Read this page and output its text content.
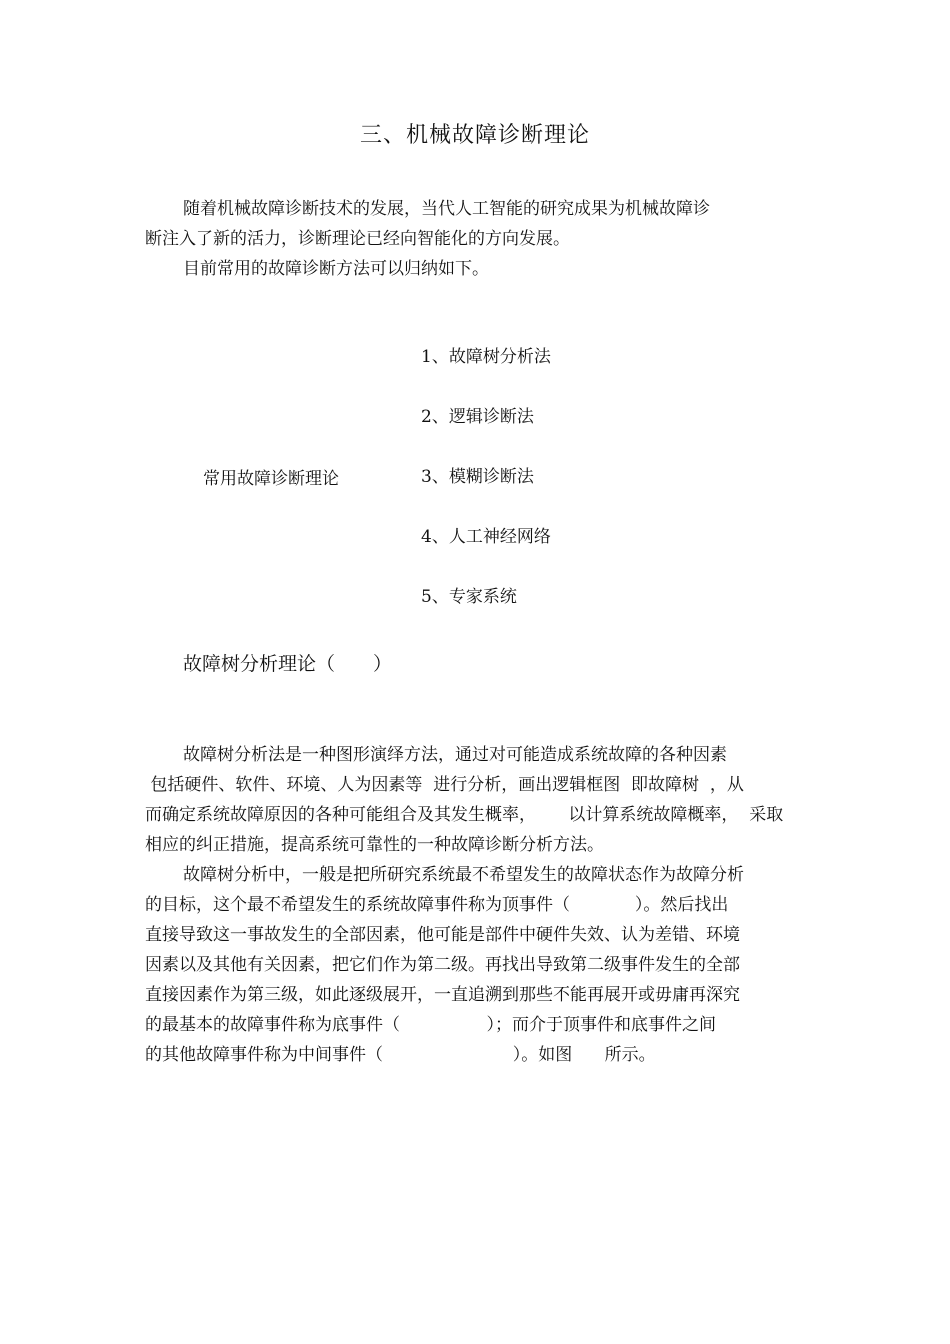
三、机械故障诊断理论
随着机械故障诊断技术的发展，当代人工智能的研究成果为机械故障诊
断注入了新的活力，诊断理论已经向智能化的方向发展。
目前常用的故障诊断方法可以归纳如下。
常用故障诊断理论
1、故障树分析法
2、逻辑诊断法
3、模糊诊断法
4、人工神经网络
5、专家系统
故障树分析理论（　　）
故障树分析法是一种图形演绎方法，通过对可能造成系统故障的各种因素
包括硬件、软件、环境、人为因素等  进行分析，画出逻辑框图  即故障树  ，从
而确定系统故障原因的各种可能组合及其发生概率，      以计算系统故障概率，  采取
相应的纠正措施，提高系统可靠性的一种故障诊断分析方法。
故障树分析中，一般是把所研究系统最不希望发生的故障状态作为故障分析
的目标，这个最不希望发生的系统故障事件称为顶事件（            ）。然后找出
直接导致这一事故发生的全部因素，他可能是部件中硬件失效、认为差错、环境
因素以及其他有关因素，把它们作为第二级。再找出导致第二级事件发生的全部
直接因素作为第三级，如此逐级展开，一直追溯到那些不能再展开或毋庸再深究
的最基本的故障事件称为底事件（                ）；而介于顶事件和底事件之间
的其他故障事件称为中间事件（                        ）。如图      所示。
